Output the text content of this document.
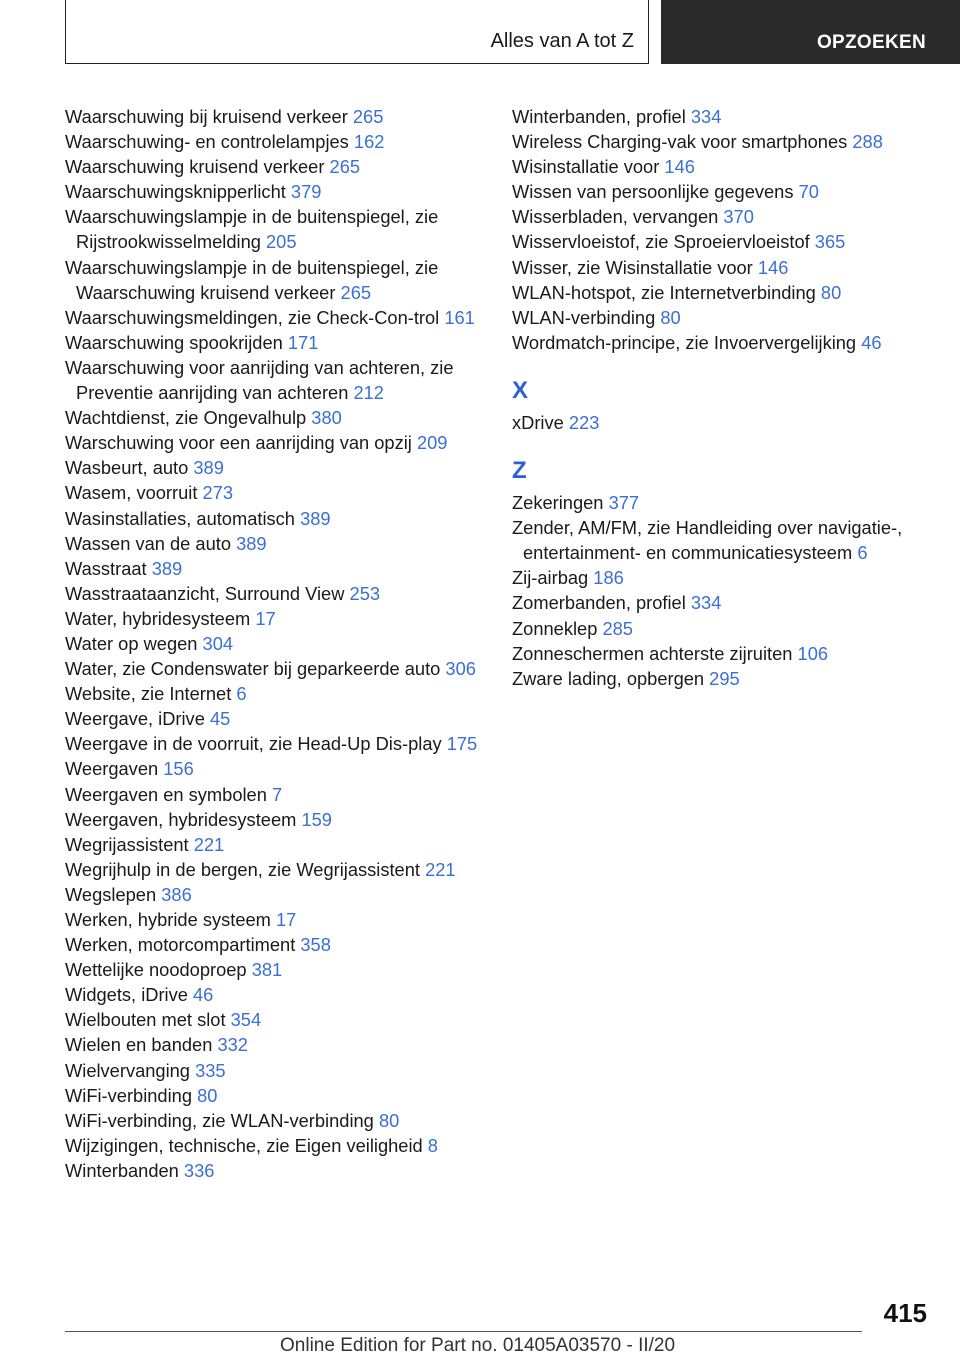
Alles van A tot Z	OPZOEKEN
Waarschuwing bij kruisend verkeer 265
Waarschuwing- en controlelampjes 162
Waarschuwing kruisend verkeer 265
Waarschuwingsknipperlicht 379
Waarschuwingslampje in de buitenspiegel, zie Rijstrookwisselmelding 205
Waarschuwingslampje in de buitenspiegel, zie Waarschuwing kruisend verkeer 265
Waarschuwingsmeldingen, zie Check-Con-trol 161
Waarschuwing spookrijden 171
Waarschuwing voor aanrijding van achteren, zie Preventie aanrijding van achteren 212
Wachtdienst, zie Ongevalhulp 380
Warschuwing voor een aanrijding van opzij 209
Wasbeurt, auto 389
Wasem, voorruit 273
Wasinstallaties, automatisch 389
Wassen van de auto 389
Wasstraat 389
Wasstraataanzicht, Surround View 253
Water, hybridesysteem 17
Water op wegen 304
Water, zie Condenswater bij geparkeerde auto 306
Website, zie Internet 6
Weergave, iDrive 45
Weergave in de voorruit, zie Head-Up Dis-play 175
Weergaven 156
Weergaven en symbolen 7
Weergaven, hybridesysteem 159
Wegrijassistent 221
Wegrijhulp in de bergen, zie Wegrijassistent 221
Wegslepen 386
Werken, hybride systeem 17
Werken, motorcompartiment 358
Wettelijke noodoproep 381
Widgets, iDrive 46
Wielbouten met slot 354
Wielen en banden 332
Wielvervanging 335
WiFi-verbinding 80
WiFi-verbinding, zie WLAN-verbinding 80
Wijzigingen, technische, zie Eigen veiligheid 8
Winterbanden 336
Winterbanden, profiel 334
Wireless Charging-vak voor smartphones 288
Wisinstallatie voor 146
Wissen van persoonlijke gegevens 70
Wisserbladen, vervangen 370
Wisservloeistof, zie Sproeiervloeistof 365
Wisser, zie Wisinstallatie voor 146
WLAN-hotspot, zie Internetverbinding 80
WLAN-verbinding 80
Wordmatch-principe, zie Invoervergelijking 46
X
xDrive 223
Z
Zekeringen 377
Zender, AM/FM, zie Handleiding over navigatie-, entertainment- en communicatiesysteem 6
Zij-airbag 186
Zomerbanden, profiel 334
Zonneklep 285
Zonneschermen achterste zijruiten 106
Zware lading, opbergen 295
415
Online Edition for Part no. 01405A03570 - II/20
